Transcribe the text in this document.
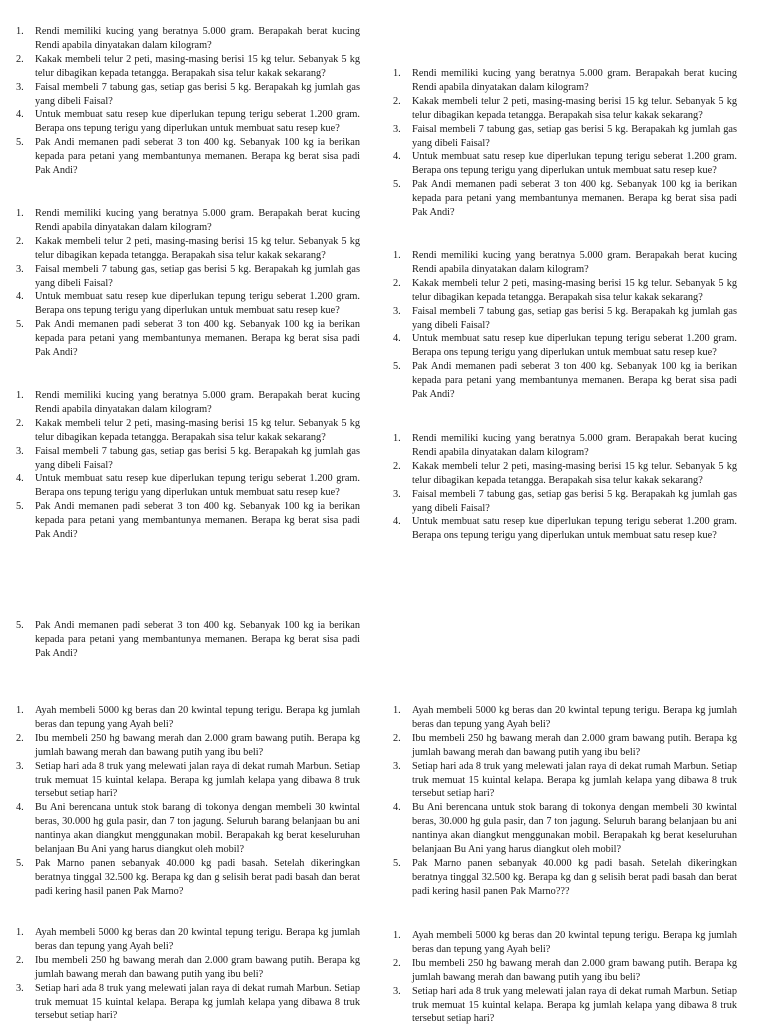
1. Rendi memiliki kucing yang beratnya 5.000 gram. Berapakah berat kucing Rendi apabila dinyatakan dalam kilogram?
2. Kakak membeli telur 2 peti, masing-masing berisi 15 kg telur. Sebanyak 5 kg telur dibagikan kepada tetangga. Berapakah sisa telur kakak sekarang?
3. Faisal membeli 7 tabung gas, setiap gas berisi 5 kg. Berapakah kg jumlah gas yang dibeli Faisal?
4. Untuk membuat satu resep kue diperlukan tepung terigu seberat 1.200 gram. Berapa ons tepung terigu yang diperlukan untuk membuat satu resep kue?
5. Pak Andi memanen padi seberat 3 ton 400 kg. Sebanyak 100 kg ia berikan kepada para petani yang membantunya memanen. Berapa kg berat sisa padi Pak Andi?
1. Rendi memiliki kucing yang beratnya 5.000 gram. Berapakah berat kucing Rendi apabila dinyatakan dalam kilogram?
2. Kakak membeli telur 2 peti, masing-masing berisi 15 kg telur. Sebanyak 5 kg telur dibagikan kepada tetangga. Berapakah sisa telur kakak sekarang?
3. Faisal membeli 7 tabung gas, setiap gas berisi 5 kg. Berapakah kg jumlah gas yang dibeli Faisal?
4. Untuk membuat satu resep kue diperlukan tepung terigu seberat 1.200 gram. Berapa ons tepung terigu yang diperlukan untuk membuat satu resep kue?
5. Pak Andi memanen padi seberat 3 ton 400 kg. Sebanyak 100 kg ia berikan kepada para petani yang membantunya memanen. Berapa kg berat sisa padi Pak Andi?
1. Rendi memiliki kucing yang beratnya 5.000 gram. Berapakah berat kucing Rendi apabila dinyatakan dalam kilogram?
2. Kakak membeli telur 2 peti, masing-masing berisi 15 kg telur. Sebanyak 5 kg telur dibagikan kepada tetangga. Berapakah sisa telur kakak sekarang?
3. Faisal membeli 7 tabung gas, setiap gas berisi 5 kg. Berapakah kg jumlah gas yang dibeli Faisal?
4. Untuk membuat satu resep kue diperlukan tepung terigu seberat 1.200 gram. Berapa ons tepung terigu yang diperlukan untuk membuat satu resep kue?
5. Pak Andi memanen padi seberat 3 ton 400 kg. Sebanyak 100 kg ia berikan kepada para petani yang membantunya memanen. Berapa kg berat sisa padi Pak Andi?
1. Rendi memiliki kucing yang beratnya 5.000 gram. Berapakah berat kucing Rendi apabila dinyatakan dalam kilogram?
2. Kakak membeli telur 2 peti, masing-masing berisi 15 kg telur. Sebanyak 5 kg telur dibagikan kepada tetangga. Berapakah sisa telur kakak sekarang?
3. Faisal membeli 7 tabung gas, setiap gas berisi 5 kg. Berapakah kg jumlah gas yang dibeli Faisal?
4. Untuk membuat satu resep kue diperlukan tepung terigu seberat 1.200 gram. Berapa ons tepung terigu yang diperlukan untuk membuat satu resep kue?
5. Pak Andi memanen padi seberat 3 ton 400 kg. Sebanyak 100 kg ia berikan kepada para petani yang membantunya memanen. Berapa kg berat sisa padi Pak Andi?
1. Rendi memiliki kucing yang beratnya 5.000 gram. Berapakah berat kucing Rendi apabila dinyatakan dalam kilogram?
2. Kakak membeli telur 2 peti, masing-masing berisi 15 kg telur. Sebanyak 5 kg telur dibagikan kepada tetangga. Berapakah sisa telur kakak sekarang?
3. Faisal membeli 7 tabung gas, setiap gas berisi 5 kg. Berapakah kg jumlah gas yang dibeli Faisal?
4. Untuk membuat satu resep kue diperlukan tepung terigu seberat 1.200 gram. Berapa ons tepung terigu yang diperlukan untuk membuat satu resep kue?
5. Pak Andi memanen padi seberat 3 ton 400 kg. Sebanyak 100 kg ia berikan kepada para petani yang membantunya memanen. Berapa kg berat sisa padi Pak Andi?
1. Rendi memiliki kucing yang beratnya 5.000 gram. Berapakah berat kucing Rendi apabila dinyatakan dalam kilogram?
2. Kakak membeli telur 2 peti, masing-masing berisi 15 kg telur. Sebanyak 5 kg telur dibagikan kepada tetangga. Berapakah sisa telur kakak sekarang?
3. Faisal membeli 7 tabung gas, setiap gas berisi 5 kg. Berapakah kg jumlah gas yang dibeli Faisal?
4. Untuk membuat satu resep kue diperlukan tepung terigu seberat 1.200 gram. Berapa ons tepung terigu yang diperlukan untuk membuat satu resep kue?
5. Pak Andi memanen padi seberat 3 ton 400 kg. Sebanyak 100 kg ia berikan kepada para petani yang membantunya memanen. Berapa kg berat sisa padi Pak Andi?
1. Ayah membeli 5000 kg beras dan 20 kwintal tepung terigu. Berapa kg jumlah beras dan tepung yang Ayah beli?
2. Ibu membeli 250 hg bawang merah dan 2.000 gram bawang putih. Berapa kg jumlah bawang merah dan bawang putih yang ibu beli?
3. Setiap hari ada 8 truk yang melewati jalan raya di dekat rumah Marbun. Setiap truk memuat 15 kuintal kelapa. Berapa kg jumlah kelapa yang dibawa 8 truk tersebut setiap hari?
4. Bu Ani berencana untuk stok barang di tokonya dengan membeli 30 kwintal beras, 30.000 hg gula pasir, dan 7 ton jagung. Seluruh barang belanjaan bu ani nantinya akan diangkut menggunakan mobil. Berapakah kg berat keseluruhan belanjaan Bu Ani yang harus diangkut oleh mobil?
5. Pak Marno panen sebanyak 40.000 kg padi basah. Setelah dikeringkan beratnya tinggal 32.500 kg. Berapa kg dan g selisih berat padi basah dan berat padi kering hasil panen Pak Marno?
1. Ayah membeli 5000 kg beras dan 20 kwintal tepung terigu. Berapa kg jumlah beras dan tepung yang Ayah beli?
2. Ibu membeli 250 hg bawang merah dan 2.000 gram bawang putih. Berapa kg jumlah bawang merah dan bawang putih yang ibu beli?
3. Setiap hari ada 8 truk yang melewati jalan raya di dekat rumah Marbun. Setiap truk memuat 15 kuintal kelapa. Berapa kg jumlah kelapa yang dibawa 8 truk tersebut setiap hari?
4. Bu Ani berencana untuk stok barang di tokonya dengan membeli 30 kwintal beras, 30.000 hg gula pasir, dan 7 ton jagung. Seluruh barang belanjaan bu ani nantinya akan diangkut menggunakan mobil. Berapakah kg berat keseluruhan belanjaan Bu Ani yang harus diangkut oleh mobil?
5. Pak Marno panen sebanyak 40.000 kg padi basah. Setelah dikeringkan beratnya tinggal 32.500 kg. Berapa kg dan g selisih berat padi basah dan berat padi kering hasil panen Pak Marno???
1. Ayah membeli 5000 kg beras dan 20 kwintal tepung terigu. Berapa kg jumlah beras dan tepung yang Ayah beli?
2. Ibu membeli 250 hg bawang merah dan 2.000 gram bawang putih. Berapa kg jumlah bawang merah dan bawang putih yang ibu beli?
3. Setiap hari ada 8 truk yang melewati jalan raya di dekat rumah Marbun. Setiap truk memuat 15 kuintal kelapa. Berapa kg jumlah kelapa yang dibawa 8 truk tersebut setiap hari?
1. Ayah membeli 5000 kg beras dan 20 kwintal tepung terigu. Berapa kg jumlah beras dan tepung yang Ayah beli?
2. Ibu membeli 250 hg bawang merah dan 2.000 gram bawang putih. Berapa kg jumlah bawang merah dan bawang putih yang ibu beli?
3. Setiap hari ada 8 truk yang melewati jalan raya di dekat rumah Marbun. Setiap truk memuat 15 kuintal kelapa. Berapa kg jumlah kelapa yang dibawa 8 truk tersebut setiap hari?
